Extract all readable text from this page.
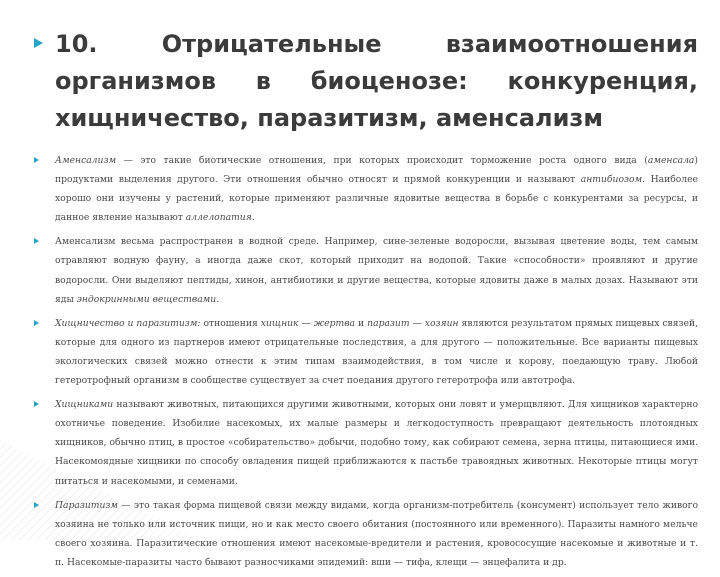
10. Отрицательные взаимоотношения организмов в биоценозе: конкуренция, хищничество, паразитизм, аменсализм

Аменсализм — это такие биотические отношения, при которых происходит торможение роста одного вида (аменсала) продуктами выделения другого. Эти отношения обычно относят и прямой конкуренции и называют антибиозом. Наиболее хорошо они изучены у растений, которые применяют различные ядовитые вещества в борьбе с конкурентами за ресурсы, и данное явление называют аллелопатия.

Аменсализм весьма распространен в водной среде. Например, сине-зеленые водоросли, вызывая цветение воды, тем самым отравляют водную фауну, а иногда даже скот, который приходит на водопой. Такие «способности» проявляют и другие водоросли. Они выделяют пептиды, хинон, антибиотики и другие вещества, которые ядовиты даже в малых дозах. Называют эти яды эндокринными веществами.

Хищничество и паразитизм: отношения хищник — жертва и паразит — хозяин являются результатом прямых пищевых связей, которые для одного из партнеров имеют отрицательные последствия, а для другого — положительные. Все варианты пищевых экологических связей можно отнести к этим типам взаимодействия, в том числе и корову, поедающую траву. Любой гетеротрофный организм в сообществе существует за счет поедания другого гетеротрофа или автотрофа.

Хищниками называют животных, питающихся другими животными, которых они ловят и умерщвляют. Для хищников характерно охотничье поведение. Изобилие насекомых, их малые размеры и легкодоступность превращают деятельность плотоядных хищников, обычно птиц, в простое «собирательство» добычи, подобно тому, как собирают семена, зерна птицы, питающиеся ими. Насекомоядные хищники по способу овладения пищей приближаются к пастьбе травоядных животных. Некоторые птицы могут питаться и насекомыми, и семенами.

Паразитизм — это такая форма пищевой связи между видами, когда организм-потребитель (консумент) использует тело живого хозяина не только или источник пищи, но и как место своего обитания (постоянного или временного). Паразиты намного мельче своего хозяина. Паразитические отношения имеют насекомые-вредители и растения, кровососущие насекомые и животные и т. п. Насекомые-паразиты часто бывают разносчиками эпидемий: вши — тифа, клещи — энцефалита и др.
